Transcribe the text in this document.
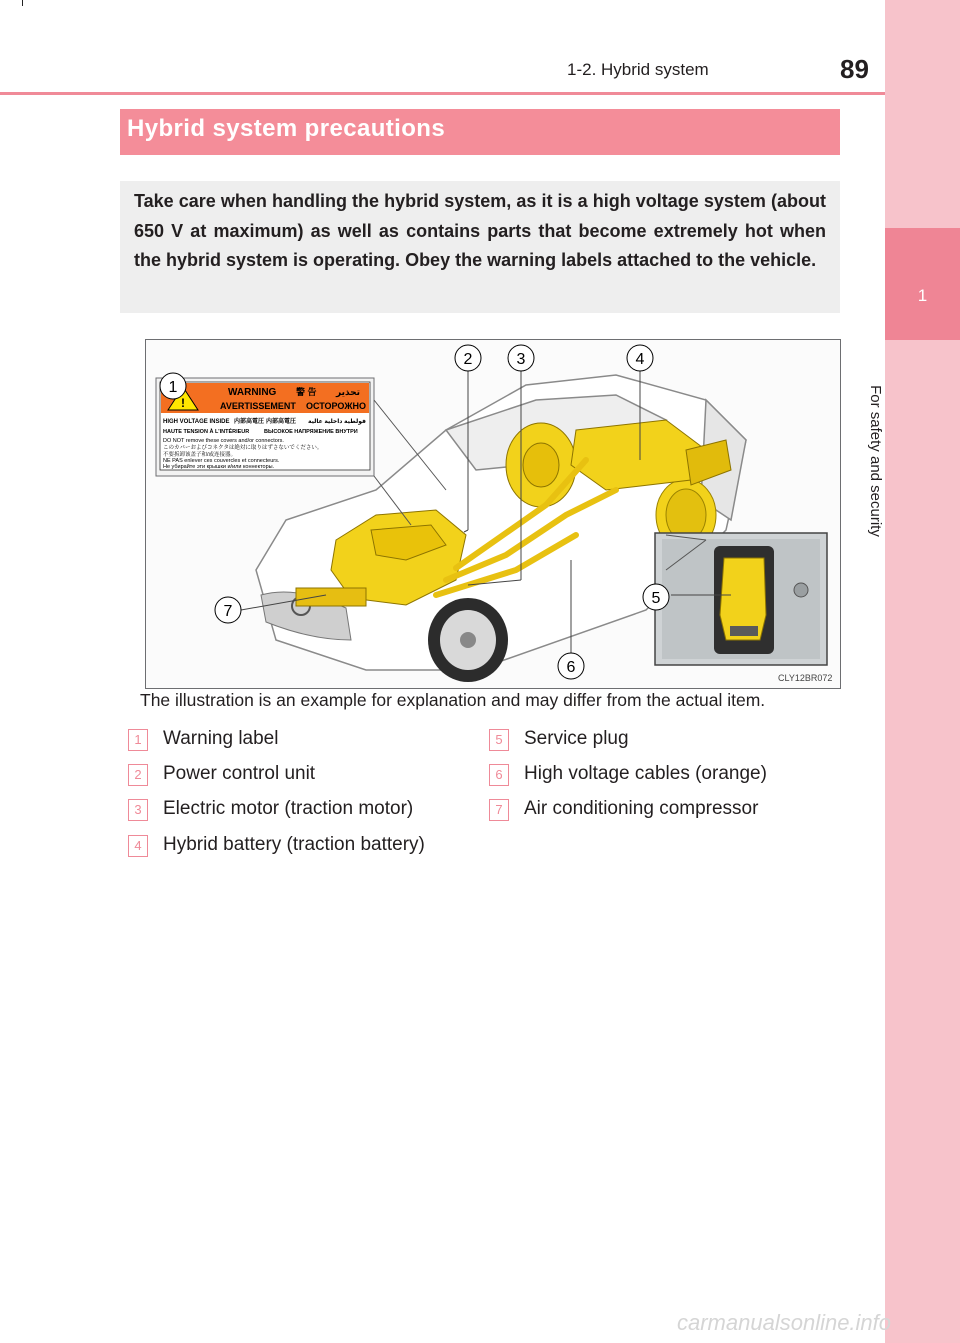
1-2. Hybrid system	89
1
For safety and security
Hybrid system precautions
Take care when handling the hybrid system, as it is a high voltage system (about 650 V at maximum) as well as contains parts that become extremely hot when the hybrid system is operating. Obey the warning labels attached to the vehicle.
!
WARNING 警 告 تحذير
AVERTISSEMENT ОСТОРОЖНО
HIGH VOLTAGE INSIDE 内部高電圧 内部高電圧 فولطية داخلية عالية
HAUTE TENSION À L'INTÉRIEUR	ВЫСОКОЕ НАПРЯЖЕНИЕ ВНУТРИ
DO NOT remove these covers and/or connectors.
このカバーおよびコネクタは絶対に取りはずさないでください。
不要拆卸该盖子和/或连接器。
NE PAS enlever ces couvercles et connecteurs.
Не убирайте эти крышки и/или коннекторы.
1
2	3	4
5
6
7
CLY12BR072
The illustration is an example for explanation and may differ from the actual item.
1	Warning label
2	Power control unit
3	Electric motor (traction motor)
4	Hybrid battery (traction battery)
5	Service plug
6	High voltage cables (orange)
7	Air conditioning compressor
carmanualsonline.info
